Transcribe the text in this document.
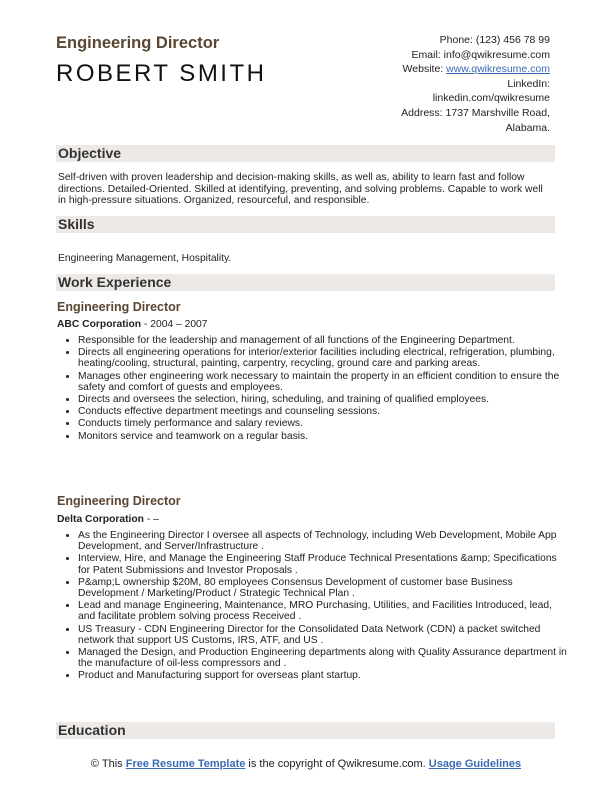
Engineering Director
ROBERT SMITH
Phone: (123) 456 78 99
Email: info@qwikresume.com
Website: www.qwikresume.com
LinkedIn:
linkedin.com/qwikresume
Address: 1737 Marshville Road,
Alabama.
Objective
Self-driven with proven leadership and decision-making skills, as well as, ability to learn fast and follow directions. Detailed-Oriented. Skilled at identifying, preventing, and solving problems. Capable to work well in high-pressure situations. Organized, resourceful, and responsible.
Skills
Engineering Management, Hospitality.
Work Experience
Engineering Director
ABC Corporation - 2004 – 2007
• Responsible for the leadership and management of all functions of the Engineering Department.
• Directs all engineering operations for interior/exterior facilities including electrical, refrigeration, plumbing, heating/cooling, structural, painting, carpentry, recycling, ground care and parking areas.
• Manages other engineering work necessary to maintain the property in an efficient condition to ensure the safety and comfort of guests and employees.
• Directs and oversees the selection, hiring, scheduling, and training of qualified employees.
• Conducts effective department meetings and counseling sessions.
• Conducts timely performance and salary reviews.
• Monitors service and teamwork on a regular basis.
Engineering Director
Delta Corporation - –
• As the Engineering Director I oversee all aspects of Technology, including Web Development, Mobile App Development, and Server/Infrastructure .
• Interview, Hire, and Manage the Engineering Staff Produce Technical Presentations &amp; Specifications for Patent Submissions and Investor Proposals .
• P&amp;L ownership $20M, 80 employees Consensus Development of customer base Business Development / Marketing/Product / Strategic Technical Plan .
• Lead and manage Engineering, Maintenance, MRO Purchasing, Utilities, and Facilities Introduced, lead, and facilitate problem solving process Received .
• US Treasury - CDN Engineering Director for the Consolidated Data Network (CDN) a packet switched network that support US Customs, IRS, ATF, and US .
• Managed the Design, and Production Engineering departments along with Quality Assurance department in the manufacture of oil-less compressors and .
• Product and Manufacturing support for overseas plant startup.
Education
© This Free Resume Template is the copyright of Qwikresume.com. Usage Guidelines
